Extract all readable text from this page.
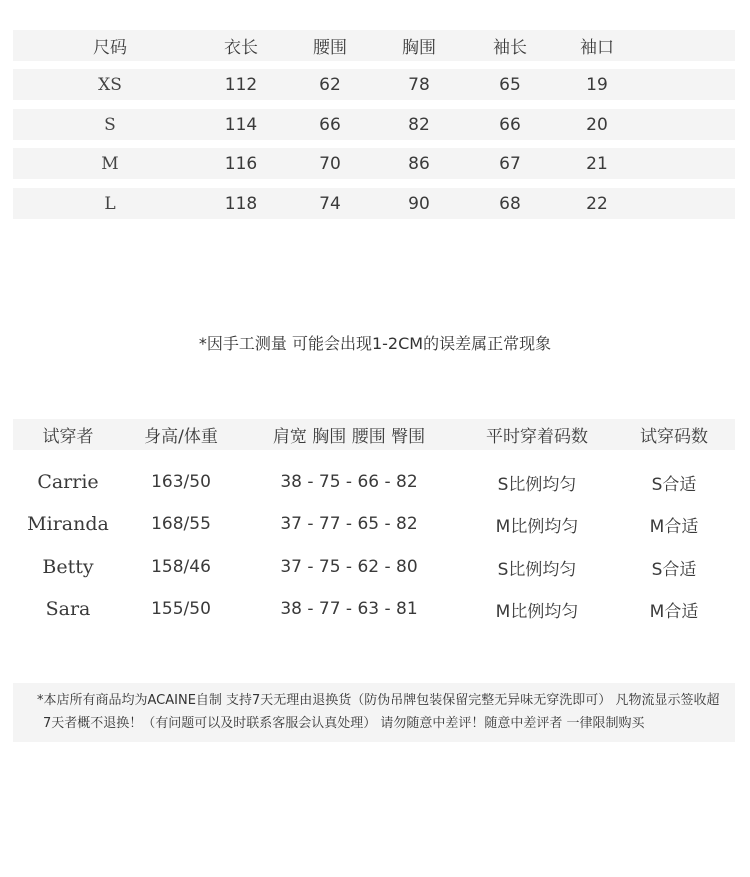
尺码	衣长	腰围	胸围	袖长	袖口
XS	112	62	78	65	19
S	114	66	82	66	20
M	116	70	86	67	21
L	118	74	90	68	22
*因手工测量 可能会出现1-2CM的误差属正常现象
试穿者	身高/体重	肩宽 胸围 腰围 臀围	平时穿着码数	试穿码数
Carrie	163/50	38 - 75 - 66 - 82	S比例均匀	S合适
Miranda 168/55	37 - 77 - 65 - 82	M比例均匀	M合适
Betty	158/46	37 - 75 - 62 - 80	S比例均匀	S合适
Sara	155/50	38 - 77 - 63 - 81	M比例均匀	M合适
*本店所有商品均为ACAINE自制 支持7天无理由退换货（防伪吊牌包装保留完整无异味无穿洗即可） 凡物流显示签收超
7天者概不退换！（有问题可以及时联系客服会认真处理） 请勿随意中差评！随意中差评者 一律限制购买
